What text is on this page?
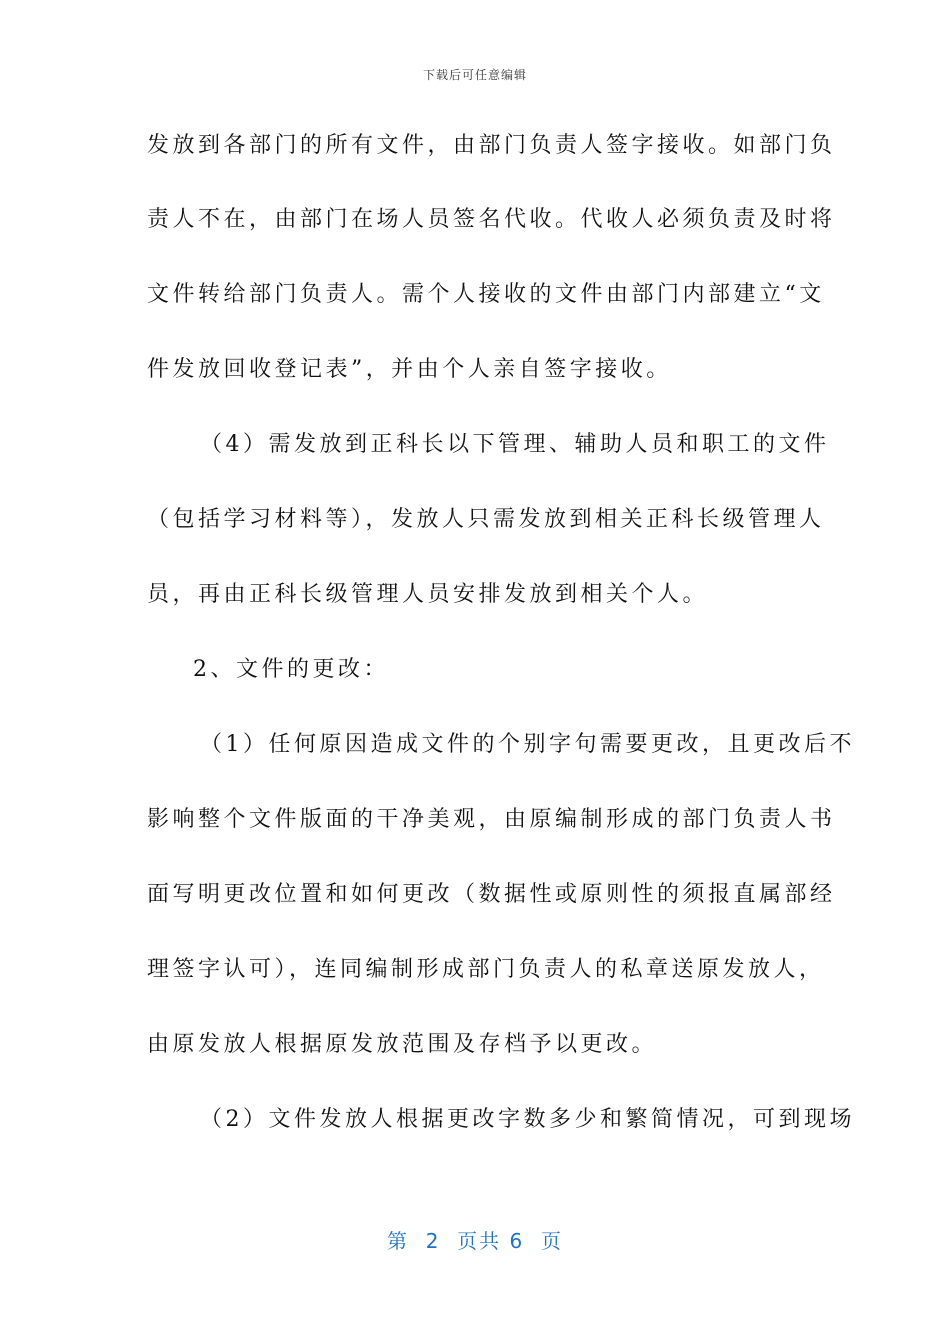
下载后可任意编辑
发放到各部门的所有文件，由部门负责人签字接收。如部门负
责人不在，由部门在场人员签名代收。代收人必须负责及时将
文件转给部门负责人。需个人接收的文件由部门内部建立“文
件发放回收登记表”，并由个人亲自签字接收。
（4）需发放到正科长以下管理、辅助人员和职工的文件
（包括学习材料等），发放人只需发放到相关正科长级管理人
员，再由正科长级管理人员安排发放到相关个人。
2、文件的更改：
（1）任何原因造成文件的个别字句需要更改，且更改后不
影响整个文件版面的干净美观，由原编制形成的部门负责人书
面写明更改位置和如何更改（数据性或原则性的须报直属部经
理签字认可），连同编制形成部门负责人的私章送原发放人，
由原发放人根据原发放范围及存档予以更改。
（2）文件发放人根据更改字数多少和繁简情况，可到现场
第  2  页共 6  页
